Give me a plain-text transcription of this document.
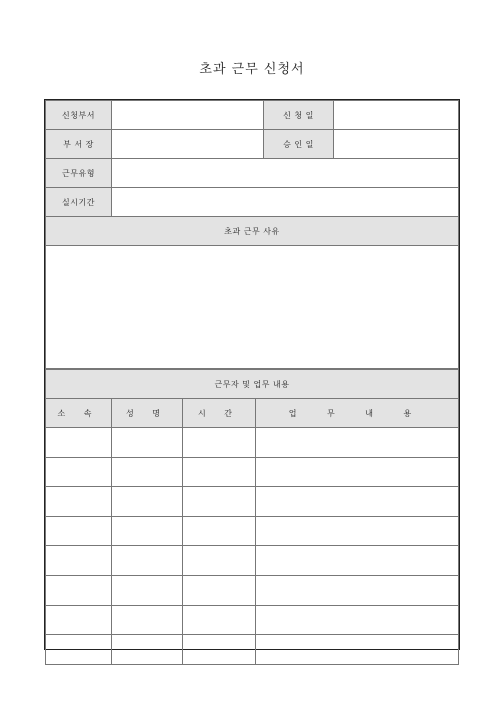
초과 근무 신청서
신청부서		신 청 일	
부 서 장		승 인 일	
근무유형			
실시기간			
초과 근무 사유			

근무자 및 업무 내용			
소 속	성 명	시 간	업 무 내 용
